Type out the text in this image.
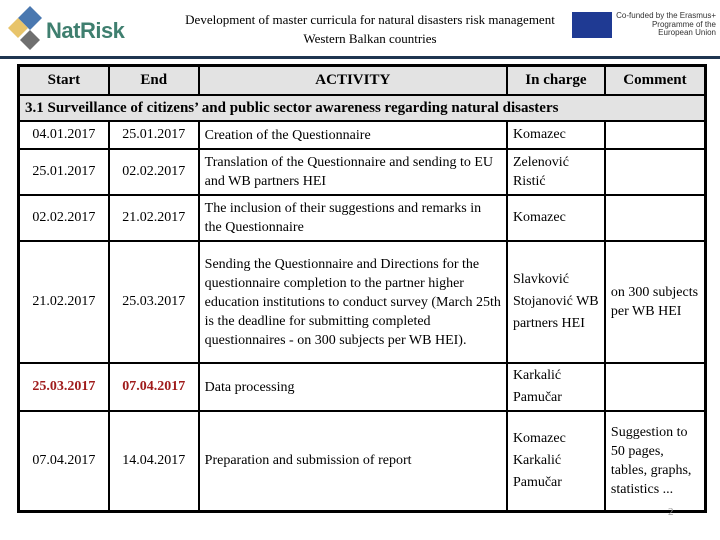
NatRisk	Development of master curricula for natural disasters risk management
Western Balkan countries
Co-funded by the Erasmus+ Programme of the European Union
Start	End	ACTIVITY	In charge	Comment
3.1 Surveillance of citizens’ and public sector awareness regarding natural disasters				
04.01.2017	25.01.2017	Creation of the Questionnaire	Komazec	
25.01.2017	02.02.2017	Translation of the Questionnaire and sending to EU and WB partners HEI	Zelenović Ristić	
02.02.2017	21.02.2017	The inclusion of their suggestions and remarks in the Questionnaire	Komazec	
21.02.2017	25.03.2017	Sending the Questionnaire and Directions for the questionnaire completion to the partner higher education institutions to conduct survey (March 25th is the deadline for submitting completed questionnaires - on 300 subjects per WB HEI).	Slavković Stojanović WB partners HEI	on 300 subjects per WB HEI
25.03.2017	07.04.2017	Data processing	Karkalić Pamučar	
07.04.2017	14.04.2017	Preparation and submission of report	Komazec Karkalić Pamučar	Suggestion to 50 pages, tables, graphs, statistics ...
2
